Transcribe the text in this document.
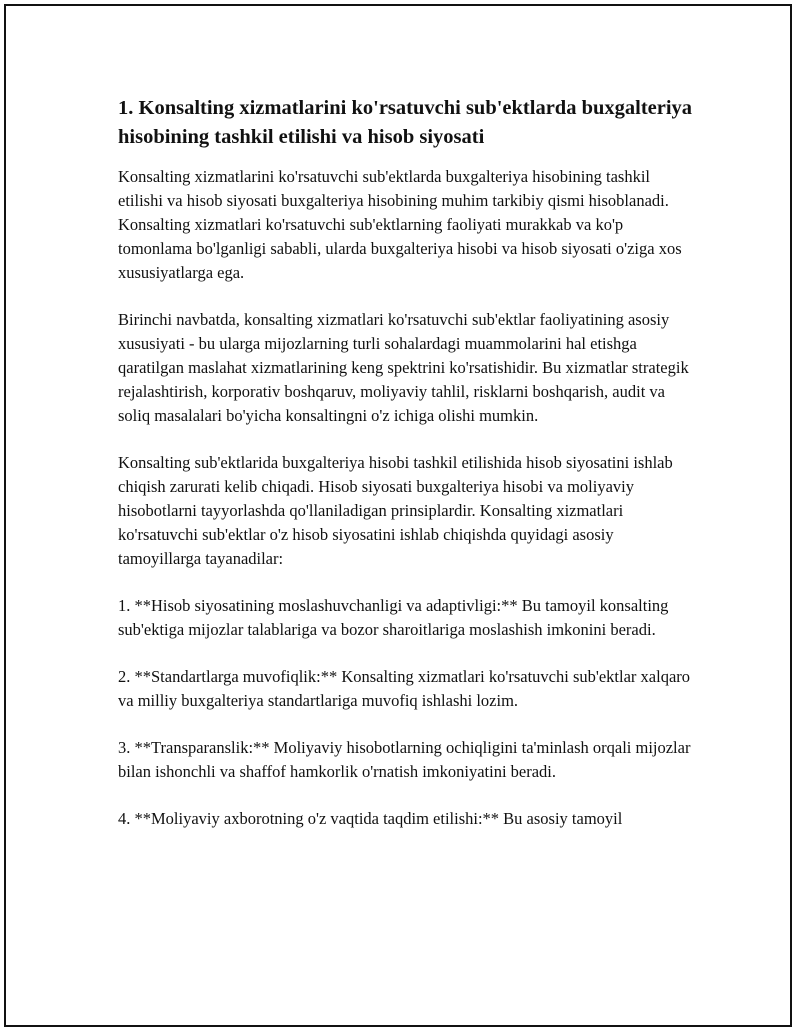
1. Konsalting xizmatlarini ko'rsatuvchi sub'ektlarda buxgalteriya hisobining tashkil etilishi va hisob siyosati

Konsalting xizmatlarini ko'rsatuvchi sub'ektlarda buxgalteriya hisobining tashkil etilishi va hisob siyosati buxgalteriya hisobining muhim tarkibiy qismi hisoblanadi. Konsalting xizmatlari ko'rsatuvchi sub'ektlarning faoliyati murakkab va ko'p tomonlama bo'lganligi sababli, ularda buxgalteriya hisobi va hisob siyosati o'ziga xos xususiyatlarga ega.

Birinchi navbatda, konsalting xizmatlari ko'rsatuvchi sub'ektlar faoliyatining asosiy xususiyati - bu ularga mijozlarning turli sohalardagi muammolarini hal etishga qaratilgan maslahat xizmatlarining keng spektrini ko'rsatishidir. Bu xizmatlar strategik rejalashtirish, korporativ boshqaruv, moliyaviy tahlil, risklarni boshqarish, audit va soliq masalalari bo'yicha konsaltingni o'z ichiga olishi mumkin.

Konsalting sub'ektlarida buxgalteriya hisobi tashkil etilishida hisob siyosatini ishlab chiqish zarurati kelib chiqadi. Hisob siyosati buxgalteriya hisobi va moliyaviy hisobotlarni tayyorlashda qo'llaniladigan prinsiplardir. Konsalting xizmatlari ko'rsatuvchi sub'ektlar o'z hisob siyosatini ishlab chiqishda quyidagi asosiy tamoyillarga tayanadilar:

1. **Hisob siyosatining moslashuvchanligi va adaptivligi:** Bu tamoyil konsalting sub'ektiga mijozlar talablariga va bozor sharoitlariga moslashish imkonini beradi.

2. **Standartlarga muvofiqlik:** Konsalting xizmatlari ko'rsatuvchi sub'ektlar xalqaro va milliy buxgalteriya standartlariga muvofiq ishlashi lozim.

3. **Transparanslik:** Moliyaviy hisobotlarning ochiqligini ta'minlash orqali mijozlar bilan ishonchli va shaffof hamkorlik o'rnatish imkoniyatini beradi.

4. **Moliyaviy axborotning o'z vaqtida taqdim etilishi:** Bu asosiy tamoyil
